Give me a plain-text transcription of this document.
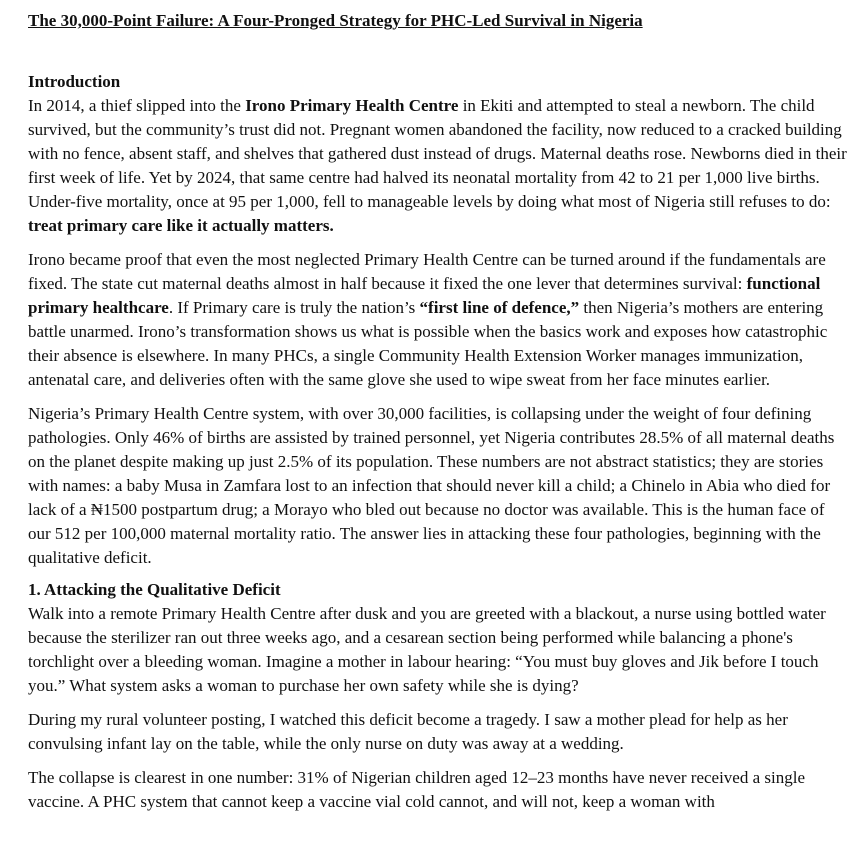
The 30,000-Point Failure: A Four-Pronged Strategy for PHC-Led Survival in Nigeria
Introduction

In 2014, a thief slipped into the Irono Primary Health Centre in Ekiti and attempted to steal a newborn. The child survived, but the community’s trust did not. Pregnant women abandoned the facility, now reduced to a cracked building with no fence, absent staff, and shelves that gathered dust instead of drugs. Maternal deaths rose. Newborns died in their first week of life. Yet by 2024, that same centre had halved its neonatal mortality from 42 to 21 per 1,000 live births. Under-five mortality, once at 95 per 1,000, fell to manageable levels by doing what most of Nigeria still refuses to do: treat primary care like it actually matters.

Irono became proof that even the most neglected Primary Health Centre can be turned around if the fundamentals are fixed. The state cut maternal deaths almost in half because it fixed the one lever that determines survival: functional primary healthcare. If Primary care is truly the nation’s “first line of defence,” then Nigeria’s mothers are entering battle unarmed. Irono’s transformation shows us what is possible when the basics work and exposes how catastrophic their absence is elsewhere. In many PHCs, a single Community Health Extension Worker manages immunization, antenatal care, and deliveries often with the same glove she used to wipe sweat from her face minutes earlier.

Nigeria’s Primary Health Centre system, with over 30,000 facilities, is collapsing under the weight of four defining pathologies. Only 46% of births are assisted by trained personnel, yet Nigeria contributes 28.5% of all maternal deaths on the planet despite making up just 2.5% of its population. These numbers are not abstract statistics; they are stories with names: a baby Musa in Zamfara lost to an infection that should never kill a child; a Chinelo in Abia who died for lack of a ₦1500 postpartum drug; a Morayo who bled out because no doctor was available. This is the human face of our 512 per 100,000 maternal mortality ratio. The answer lies in attacking these four pathologies, beginning with the qualitative deficit.

1. Attacking the Qualitative Deficit

Walk into a remote Primary Health Centre after dusk and you are greeted with a blackout, a nurse using bottled water because the sterilizer ran out three weeks ago, and a cesarean section being performed while balancing a phone's torchlight over a bleeding woman. Imagine a mother in labour hearing: “You must buy gloves and Jik before I touch you.” What system asks a woman to purchase her own safety while she is dying?

During my rural volunteer posting, I watched this deficit become a tragedy. I saw a mother plead for help as her convulsing infant lay on the table, while the only nurse on duty was away at a wedding.

The collapse is clearest in one number: 31% of Nigerian children aged 12–23 months have never received a single vaccine. A PHC system that cannot keep a vaccine vial cold cannot, and will not, keep a woman with
